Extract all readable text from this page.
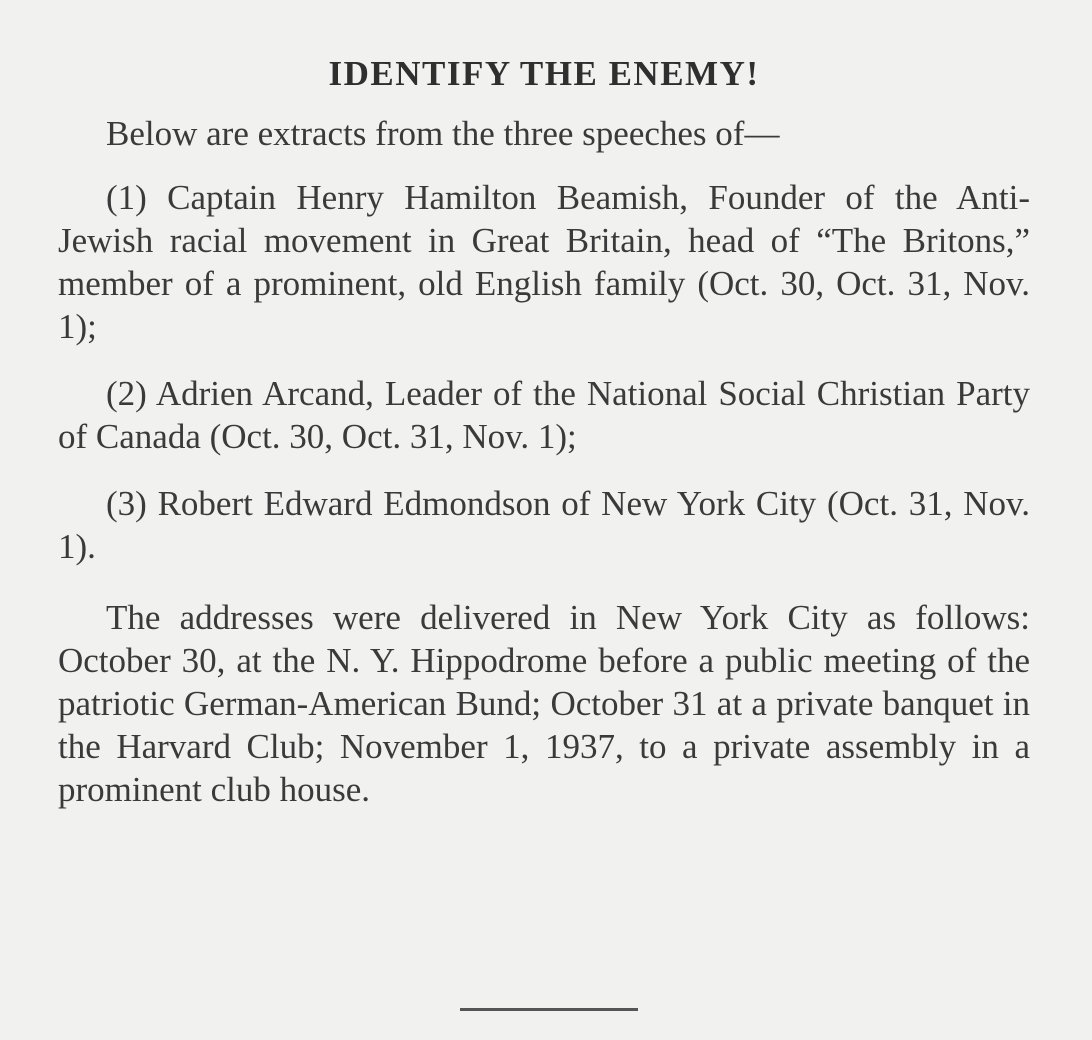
IDENTIFY THE ENEMY!

Below are extracts from the three speeches of—

(1) Captain Henry Hamilton Beamish, Founder of the Anti-Jewish racial movement in Great Britain, head of “The Britons,” member of a prominent, old English family (Oct. 30, Oct. 31, Nov. 1);

(2) Adrien Arcand, Leader of the National Social Christian Party of Canada (Oct. 30, Oct. 31, Nov. 1);

(3) Robert Edward Edmondson of New York City (Oct. 31, Nov. 1).

The addresses were delivered in New York City as follows: October 30, at the N. Y. Hippodrome before a public meeting of the patriotic German-American Bund; October 31 at a private banquet in the Harvard Club; November 1, 1937, to a private assembly in a prominent club house.
